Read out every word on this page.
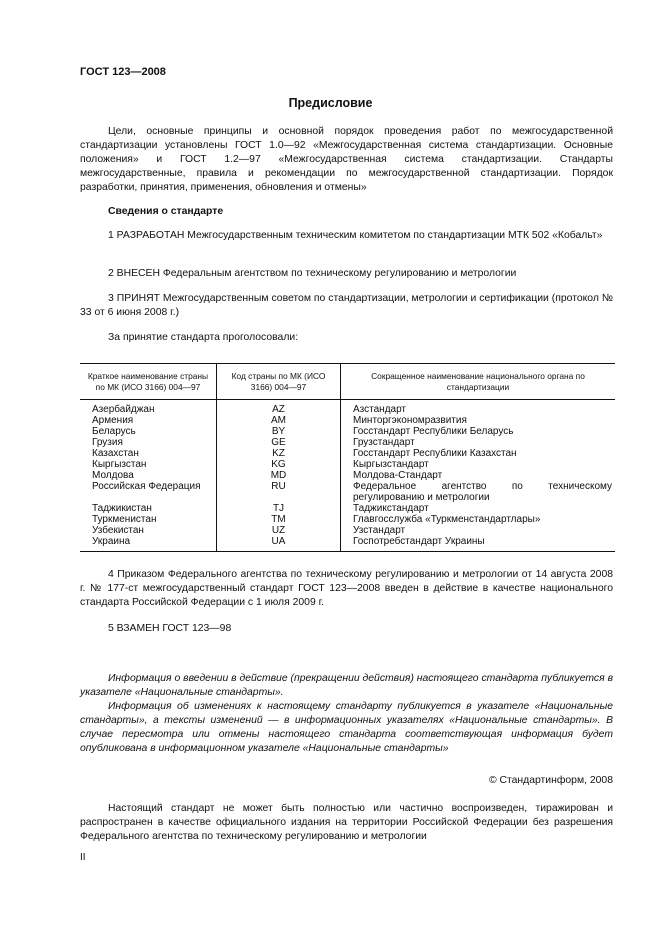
ГОСТ 123—2008
Предисловие
Цели, основные принципы и основной порядок проведения работ по межгосударственной стандартизации установлены ГОСТ 1.0—92 «Межгосударственная система стандартизации. Основные положения» и ГОСТ 1.2—97 «Межгосударственная система стандартизации. Стандарты межгосударственные, правила и рекомендации по межгосударственной стандартизации. Порядок разработки, принятия, применения, обновления и отмены»
Сведения о стандарте
1 РАЗРАБОТАН Межгосударственным техническим комитетом по стандартизации МТК 502 «Кобальт»
2 ВНЕСЕН Федеральным агентством по техническому регулированию и метрологии
3 ПРИНЯТ Межгосударственным советом по стандартизации, метрологии и сертификации (протокол № 33 от 6 июня 2008 г.)
За принятие стандарта проголосовали:
Краткое наименование страны по МК (ИСО 3166) 004—97	Код страны по МК (ИСО 3166) 004—97	Сокращенное наименование национального органа по стандартизации
Азербайджан	AZ	Азстандарт
Армения	AM	Минторгэкономразвития
Беларусь	BY	Госстандарт Республики Беларусь
Грузия	GE	Грузстандарт
Казахстан	KZ	Госстандарт Республики Казахстан
Кыргызстан	KG	Кыргызстандарт
Молдова	MD	Молдова-Стандарт
Российская Федерация	RU	Федеральное агентство по техническому регулированию и метрологии
Таджикистан	TJ	Таджикстандарт
Туркменистан	TM	Главгосслужба «Туркменстандартлары»
Узбекистан	UZ	Узстандарт
Украина	UA	Госпотребстандарт Украины
4 Приказом Федерального агентства по техническому регулированию и метрологии от 14 августа 2008 г. № 177-ст межгосударственный стандарт ГОСТ 123—2008 введен в действие в качестве национального стандарта Российской Федерации с 1 июля 2009 г.
5 ВЗАМЕН ГОСТ 123—98
Информация о введении в действие (прекращении действия) настоящего стандарта публикуется в указателе «Национальные стандарты».
Информация об изменениях к настоящему стандарту публикуется в указателе «Национальные стандарты», а тексты изменений — в информационных указателях «Национальные стандарты». В случае пересмотра или отмены настоящего стандарта соответствующая информация будет опубликована в информационном указателе «Национальные стандарты»
© Стандартинформ, 2008
Настоящий стандарт не может быть полностью или частично воспроизведен, тиражирован и распространен в качестве официального издания на территории Российской Федерации без разрешения Федерального агентства по техническому регулированию и метрологии
II
